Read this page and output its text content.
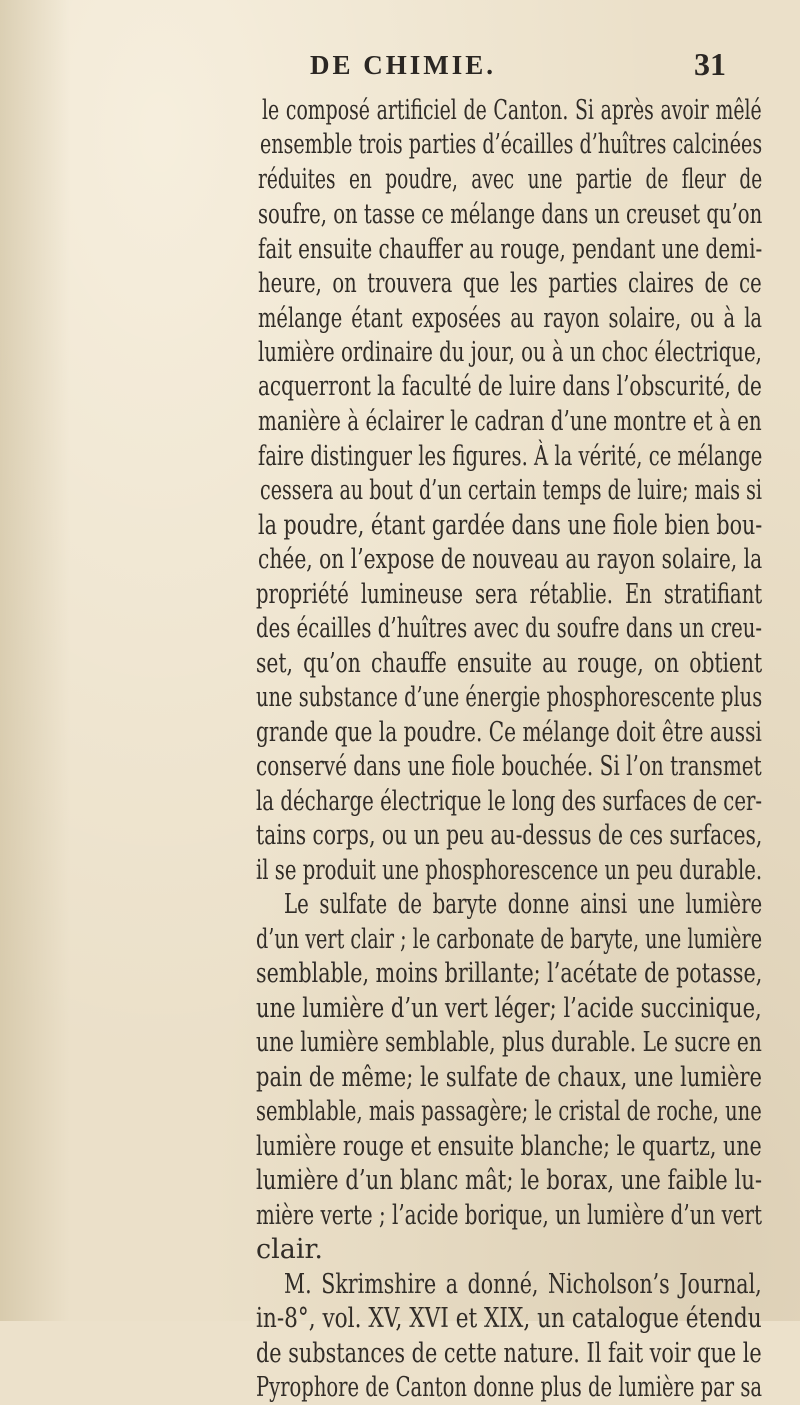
DE CHIMIE.	31
le composé artificiel de Canton. Si après avoir mêlé
ensemble trois parties d’écailles d’huîtres calcinées
réduites en poudre, avec une partie de fleur de
soufre, on tasse ce mélange dans un creuset qu’on
fait ensuite chauffer au rouge, pendant une demi-
heure, on trouvera que les parties claires de ce
mélange étant exposées au rayon solaire, ou à la
lumière ordinaire du jour, ou à un choc électrique,
acquerront la faculté de luire dans l’obscurité, de
manière à éclairer le cadran d’une montre et à en
faire distinguer les figures. À la vérité, ce mélange
cessera au bout d’un certain temps de luire; mais si
la poudre, étant gardée dans une fiole bien bou-
chée, on l’expose de nouveau au rayon solaire, la
propriété lumineuse sera rétablie. En stratifiant
des écailles d’huîtres avec du soufre dans un creu-
set, qu’on chauffe ensuite au rouge, on obtient
une substance d’une énergie phosphorescente plus
grande que la poudre. Ce mélange doit être aussi
conservé dans une fiole bouchée. Si l’on transmet
la décharge électrique le long des surfaces de cer-
tains corps, ou un peu au-dessus de ces surfaces,
il se produit une phosphorescence un peu durable.
Le sulfate de baryte donne ainsi une lumière
d’un vert clair ; le carbonate de baryte, une lumière
semblable, moins brillante; l’acétate de potasse,
une lumière d’un vert léger; l’acide succinique,
une lumière semblable, plus durable. Le sucre en
pain de même; le sulfate de chaux, une lumière
semblable, mais passagère; le cristal de roche, une
lumière rouge et ensuite blanche; le quartz, une
lumière d’un blanc mât; le borax, une faible lu-
mière verte ; l’acide borique, un lumière d’un vert
clair.
M. Skrimshire a donné, Nicholson’s Journal,
in-8°, vol. XV, XVI et XIX, un catalogue étendu
de substances de cette nature. Il fait voir que le
Pyrophore de Canton donne plus de lumière par sa
